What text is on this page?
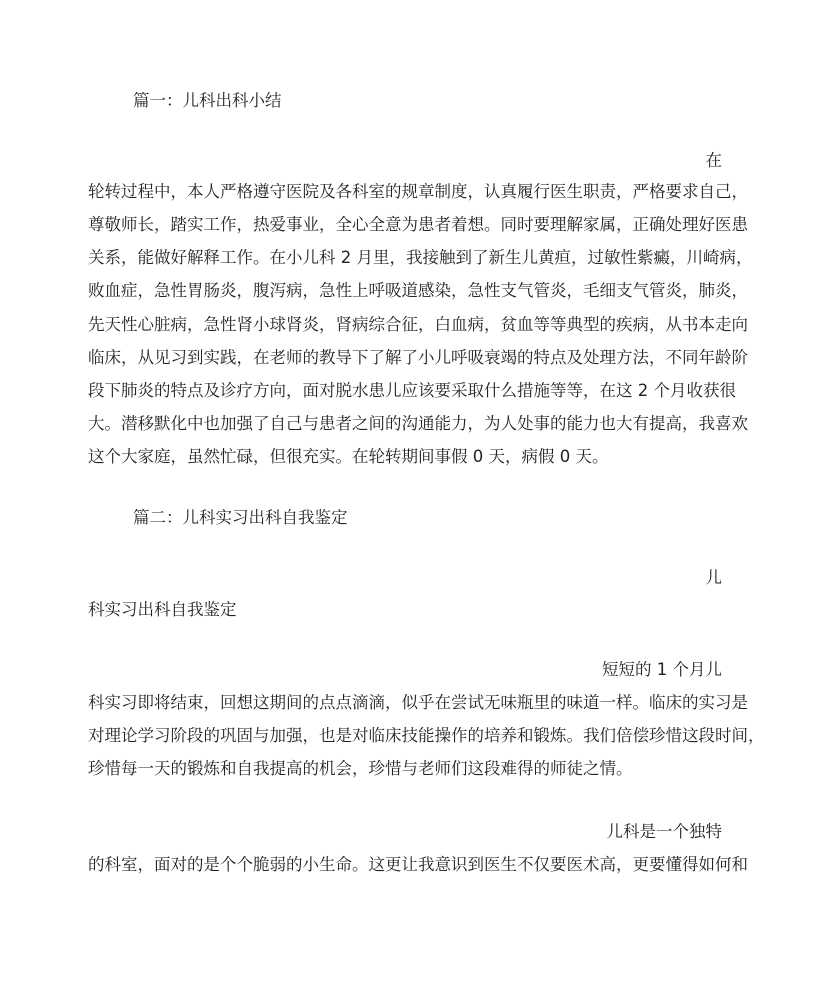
篇一：儿科出科小结
在
轮转过程中，本人严格遵守医院及各科室的规章制度，认真履行医生职责，严格要求自己，
尊敬师长，踏实工作，热爱事业，全心全意为患者着想。同时要理解家属，正确处理好医患
关系，能做好解释工作。在小儿科 2 月里，我接触到了新生儿黄疸，过敏性紫癜，川崎病，
败血症，急性胃肠炎，腹泻病，急性上呼吸道感染，急性支气管炎，毛细支气管炎，肺炎，
先天性心脏病，急性肾小球肾炎，肾病综合征，白血病，贫血等等典型的疾病，从书本走向
临床，从见习到实践，在老师的教导下了解了小儿呼吸衰竭的特点及处理方法，不同年龄阶
段下肺炎的特点及诊疗方向，面对脱水患儿应该要采取什么措施等等，在这 2 个月收获很
大。潜移默化中也加强了自己与患者之间的沟通能力，为人处事的能力也大有提高，我喜欢
这个大家庭，虽然忙碌，但很充实。在轮转期间事假 0 天，病假 0 天。
篇二：儿科实习出科自我鉴定
儿
科实习出科自我鉴定
短短的 1 个月儿
科实习即将结束，回想这期间的点点滴滴，似乎在尝试无味瓶里的味道一样。临床的实习是
对理论学习阶段的巩固与加强，也是对临床技能操作的培养和锻炼。我们倍偿珍惜这段时间，
珍惜每一天的锻炼和自我提高的机会，珍惜与老师们这段难得的师徒之情。
儿科是一个独特
的科室，面对的是个个脆弱的小生命。这更让我意识到医生不仅要医术高，更要懂得如何和
